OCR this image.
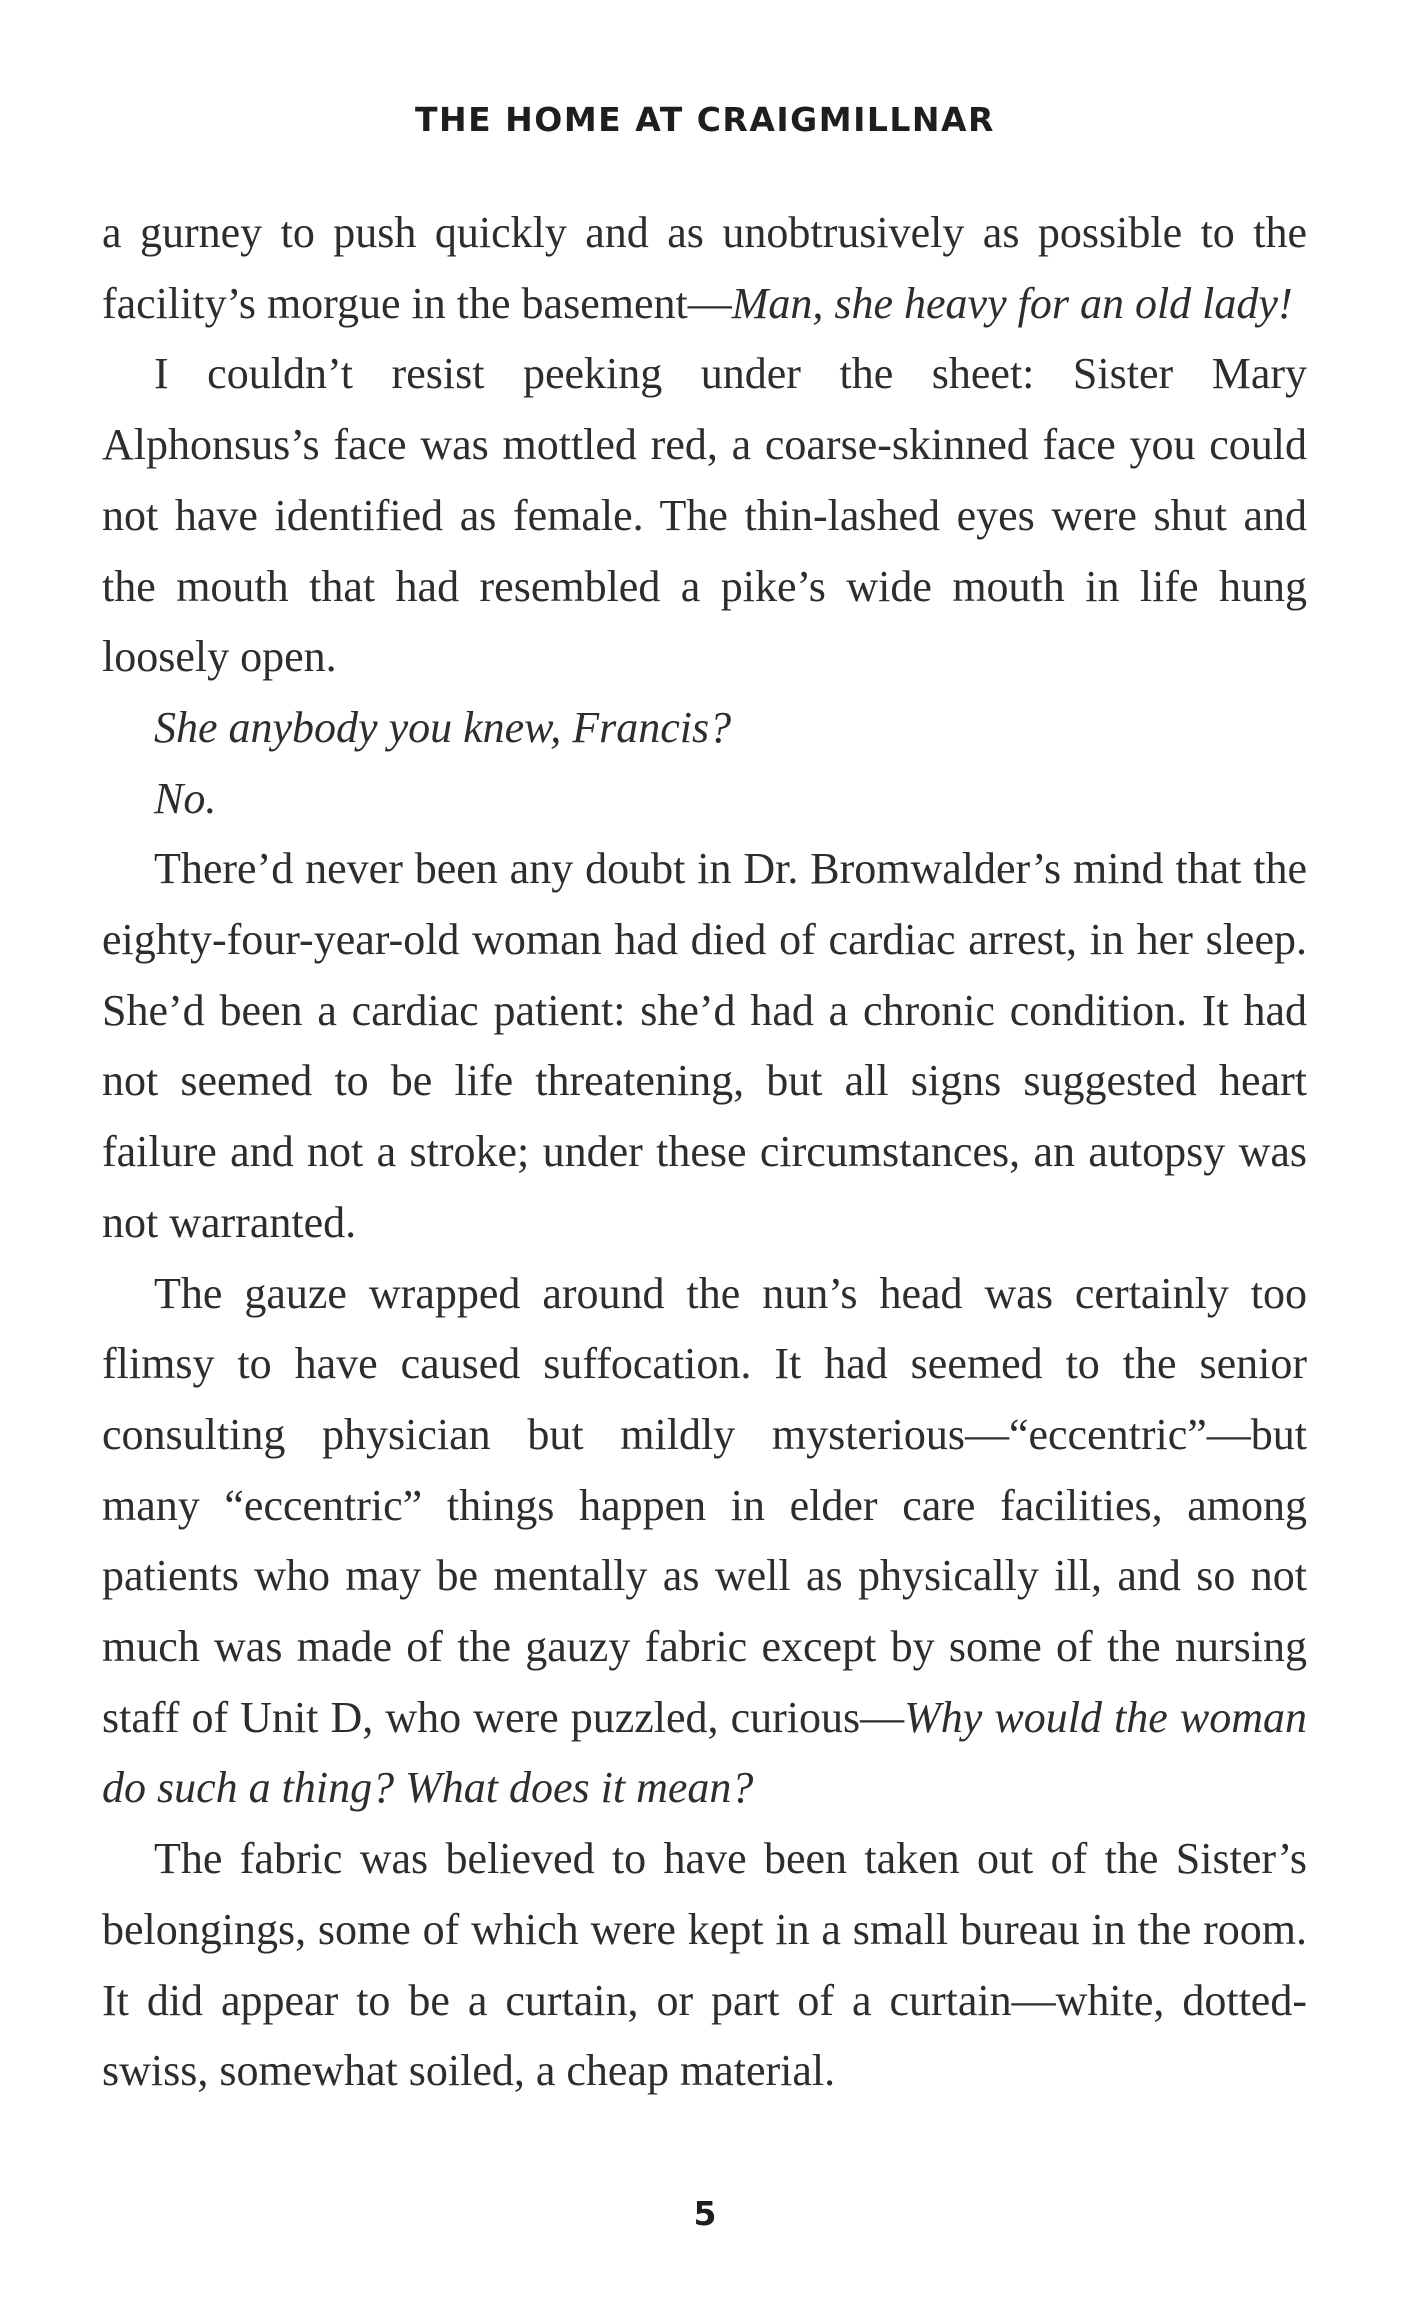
THE HOME AT CRAIGMILLNAR

a gurney to push quickly and as unobtrusively as possible to the facility’s morgue in the basement—Man, she heavy for an old lady!

I couldn’t resist peeking under the sheet: Sister Mary Alphonsus’s face was mottled red, a coarse-skinned face you could not have identified as female. The thin-lashed eyes were shut and the mouth that had resembled a pike’s wide mouth in life hung loosely open.

She anybody you knew, Francis?

No.

There’d never been any doubt in Dr. Bromwalder’s mind that the eighty-four-year-old woman had died of cardiac arrest, in her sleep. She’d been a cardiac patient: she’d had a chronic condition. It had not seemed to be life threatening, but all signs suggested heart failure and not a stroke; under these circumstances, an autopsy was not warranted.

The gauze wrapped around the nun’s head was certainly too flimsy to have caused suffocation. It had seemed to the senior consulting physician but mildly mysterious—“eccentric”—but many “eccentric” things happen in elder care facilities, among patients who may be mentally as well as physically ill, and so not much was made of the gauzy fabric except by some of the nursing staff of Unit D, who were puzzled, curious—Why would the woman do such a thing? What does it mean?

The fabric was believed to have been taken out of the Sister’s belongings, some of which were kept in a small bureau in the room. It did appear to be a curtain, or part of a curtain—white, dotted-swiss, somewhat soiled, a cheap material.

5
